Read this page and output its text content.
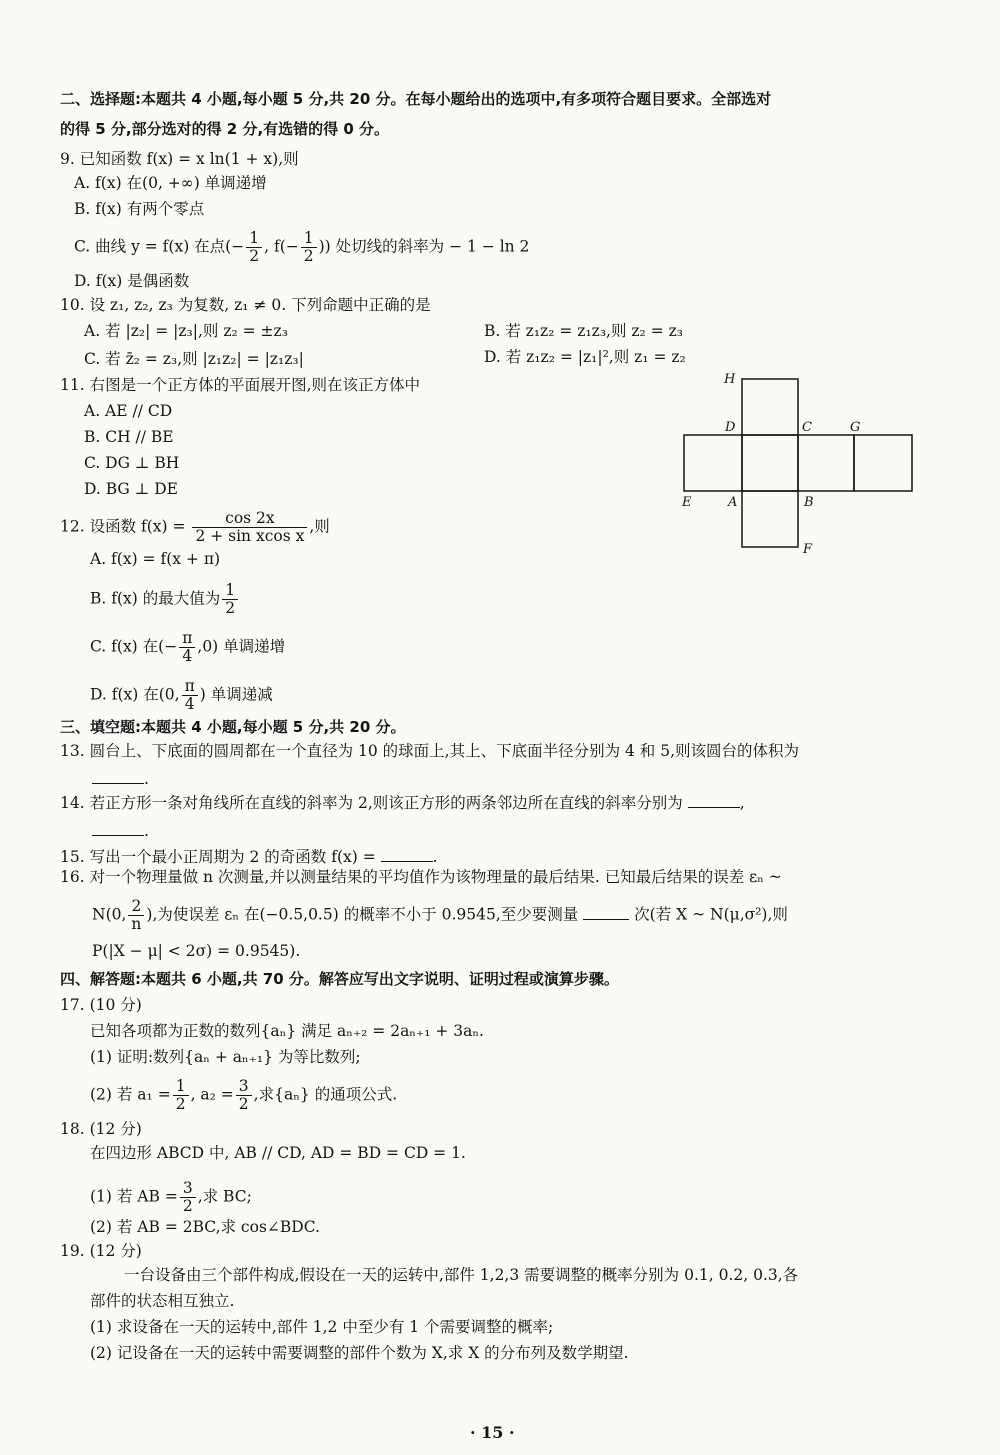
二、选择题:本题共 4 小题,每小题 5 分,共 20 分。在每小题给出的选项中,有多项符合题目要求。全部选对
的得 5 分,部分选对的得 2 分,有选错的得 0 分。
9. 已知函数 f(x) = x ln(1 + x),则
A. f(x) 在(0, +∞) 单调递增
B. f(x) 有两个零点
C. 曲线 y = f(x) 在点(− $\frac{1}{2}$ , $f(- \frac{1}{2}$ )) 处切线的斜率为 − 1 − ln 2
D. f(x) 是偶函数
10. 设 z₁, z₂, z₃ 为复数, z₁ ≠ 0. 下列命题中正确的是
A. 若 |z₂| = |z₃|,则 z₂ = ±z₃	B. 若 z₁z₂ = z₁z₃,则 z₂ = z₃
C. 若 z̄₂ = z₃,则 |z₁z₂| = |z₁z₃|	D. 若 z₁z₂ = |z₁|²,则 z₁ = z₂
11. 右图是一个正方体的平面展开图,则在该正方体中
A. AE // CD
B. CH // BE
C. DG ⊥ BH
D. BG ⊥ DE
H
D	C	G
E	A	B
F
12. 设函数 $f(x) = \frac{\cos 2x}{\text{2 + sin xcos x}}$ ,则
A. f(x) = f(x + π)
B. f(x) 的最大值为 $\frac{1}{2}$
C. f(x) 在(− $\frac{\pi}{4} ,0$) 单调递增
D. f(x) 在(0, $\frac{\pi}{4}$ ) 单调递减
三、填空题:本题共 4 小题,每小题 5 分,共 20 分。
13. 圆台上、下底面的圆周都在一个直径为 10 的球面上,其上、下底面半径分别为 4 和 5,则该圆台的体积为
.
14. 若正方形一条对角线所在直线的斜率为 2,则该正方形的两条邻边所在直线的斜率分别为	,
.
15. 写出一个最小正周期为 2 的奇函数 f(x) =	.
16. 对一个物理量做 n 次测量,并以测量结果的平均值作为该物理量的最后结果. 已知最后结果的误差 εₙ ~
N(0, $\frac{2}{n}$ ),为使误差 εₙ 在(−0.5,0.5) 的概率不小于 0.9545,至少要测量	次(若 X ~ N(μ,σ²),则
P(|X − μ| < 2σ) = 0.9545).
四、解答题:本题共 6 小题,共 70 分。解答应写出文字说明、证明过程或演算步骤。
17. (10 分)
已知各项都为正数的数列{aₙ} 满足 aₙ₊₂ = 2aₙ₊₁ + 3aₙ.
(1) 证明:数列{aₙ + aₙ₊₁} 为等比数列;
(2) 若 $a_1 = \frac{1}{2}$ , $a_2 = \frac{3}{2}$ ,求{aₙ} 的通项公式.
18. (12 分)
在四边形 ABCD 中, AB // CD, AD = BD = CD = 1.
(1) 若 AB = $\frac{3}{2}$ ,求 BC;
(2) 若 AB = 2BC,求 cos∠BDC.
19. (12 分)
一台设备由三个部件构成,假设在一天的运转中,部件 1,2,3 需要调整的概率分别为 0.1, 0.2, 0.3,各
部件的状态相互独立.
(1) 求设备在一天的运转中,部件 1,2 中至少有 1 个需要调整的概率;
(2) 记设备在一天的运转中需要调整的部件个数为 X,求 X 的分布列及数学期望.
· 15 ·
